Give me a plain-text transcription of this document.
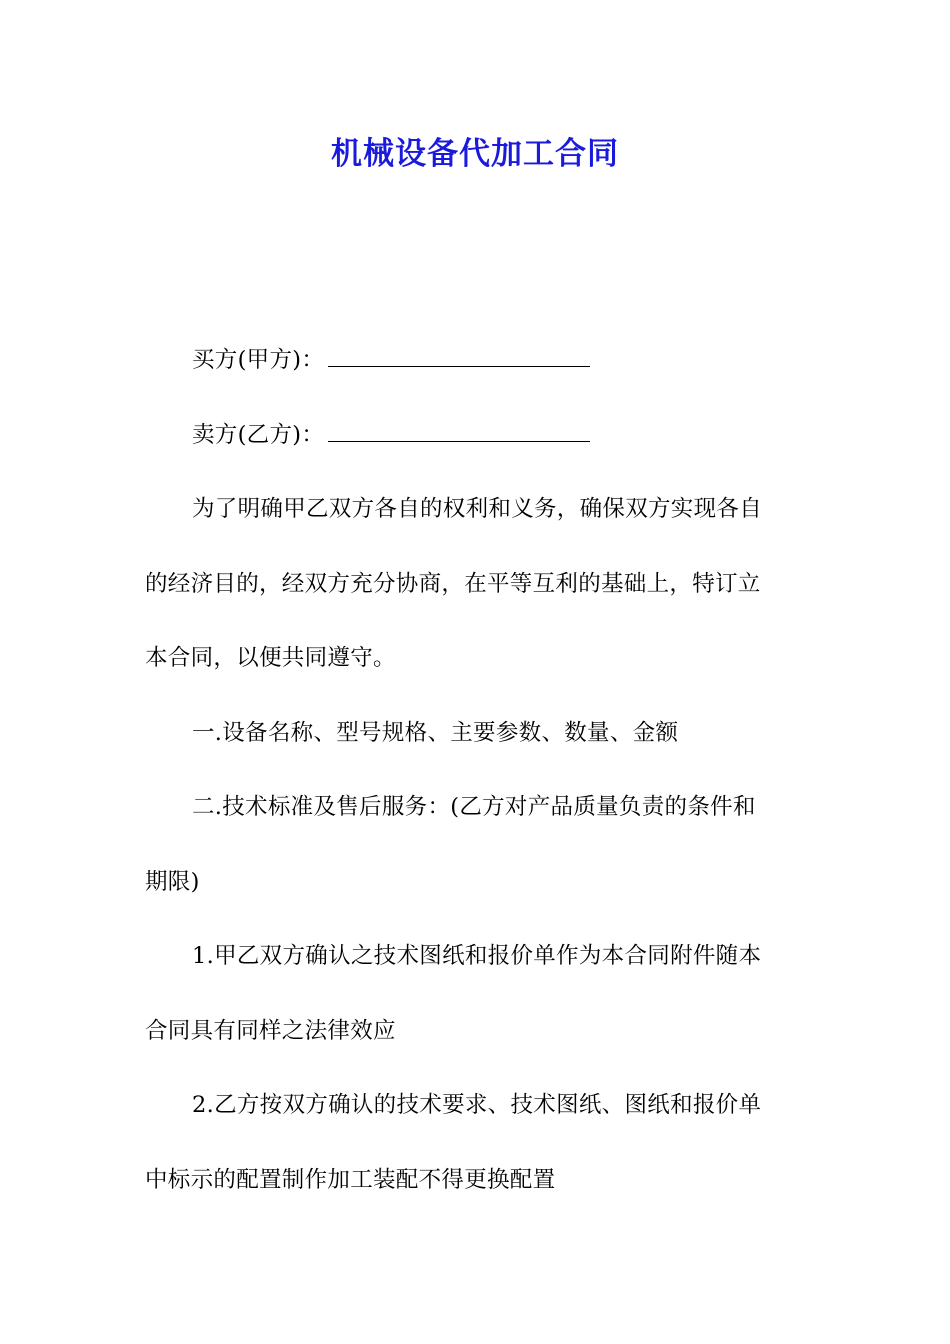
机械设备代加工合同
买方(甲方)：
卖方(乙方)：
为了明确甲乙双方各自的权利和义务，确保双方实现各自
的经济目的，经双方充分协商，在平等互利的基础上，特订立
本合同，以便共同遵守。
一.设备名称、型号规格、主要参数、数量、金额
二.技术标准及售后服务：(乙方对产品质量负责的条件和
期限)
1.甲乙双方确认之技术图纸和报价单作为本合同附件随本
合同具有同样之法律效应
2.乙方按双方确认的技术要求、技术图纸、图纸和报价单
中标示的配置制作加工装配不得更换配置
